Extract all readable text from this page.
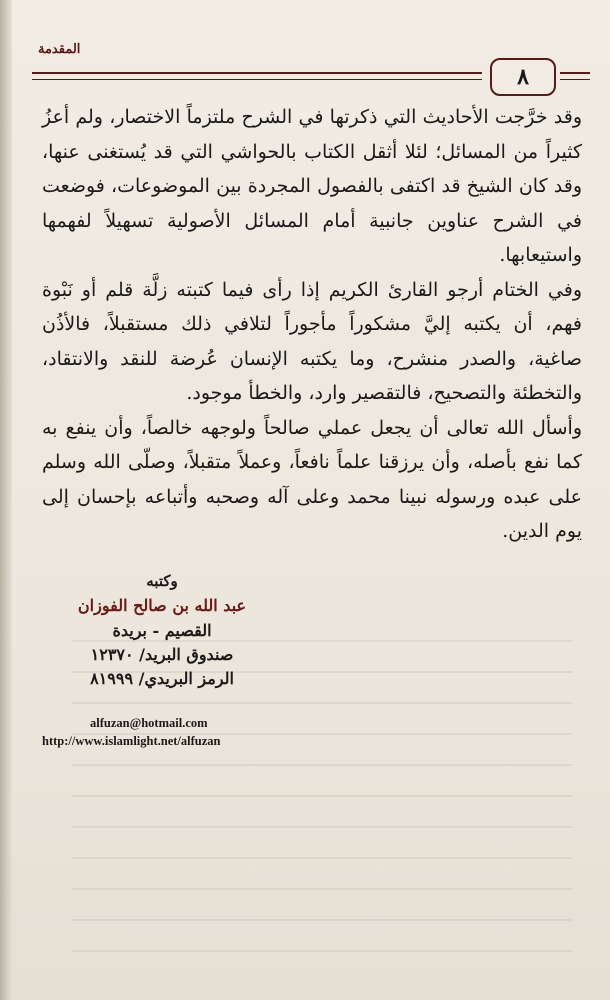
المقدمة
٨

وقد خرَّجت الأحاديث التي ذكرتها في الشرح ملتزماً الاختصار، ولم أعزُ كثيراً من المسائل؛ لئلا أثقل الكتاب بالحواشي التي قد يُستغنى عنها، وقد كان الشيخ قد اكتفى بالفصول المجردة بين الموضوعات، فوضعت في الشرح عناوين جانبية أمام المسائل الأصولية تسهيلاً لفهمها واستيعابها.

وفي الختام أرجو القارئ الكريم إذا رأى فيما كتبته زلَّة قلم أو نَبْوة فهم، أن يكتبه إليَّ مشكوراً مأجوراً لتلافي ذلك مستقبلاً، فالأذُن صاغية، والصدر منشرح، وما يكتبه الإنسان عُرضة للنقد والانتقاد، والتخطئة والتصحيح، فالتقصير وارد، والخطأ موجود.

وأسأل الله تعالى أن يجعل عملي صالحاً ولوجهه خالصاً، وأن ينفع به كما نفع بأصله، وأن يرزقنا علماً نافعاً، وعملاً متقبلاً، وصلّى الله وسلم على عبده ورسوله نبينا محمد وعلى آله وصحبه وأتباعه بإحسان إلى يوم الدين.

وكتبه
عبد الله بن صالح الفوزان
القصيم - بريدة
صندوق البريد/ ١٢٣٧٠
الرمز البريدي/ ٨١٩٩٩
alfuzan@hotmail.com
http://www.islamlight.net/alfuzan
